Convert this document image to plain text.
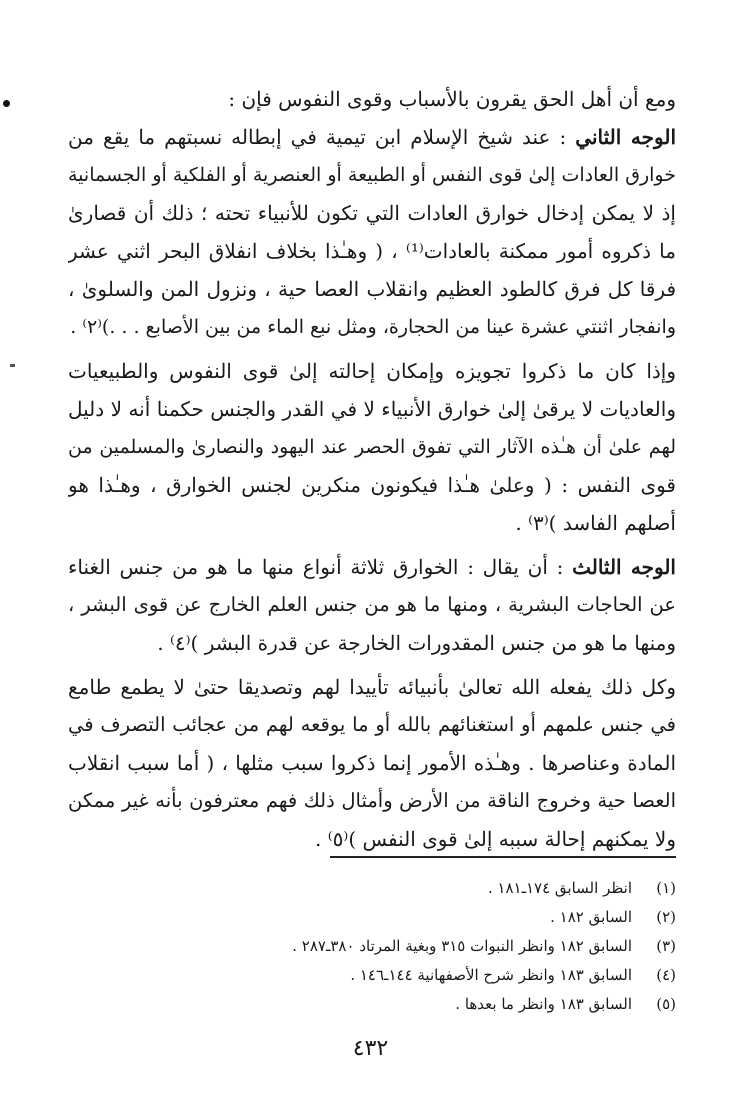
ومع أن أهل الحق يقرون بالأسباب وقوى النفوس فإن :
الوجه الثاني : عند شيخ الإسلام ابن تيمية في إبطاله نسبتهم ما يقع من
خوارق العادات إلىٰ قوى النفس أو الطبيعة أو العنصرية أو الفلكية أو الجسمانية
إذ لا يمكن إدخال خوارق العادات التي تكون للأنبياء تحته ؛ ذلك أن قصارىٰ
ما ذكروه أمور ممكنة بالعادات⁽¹⁾ ، ( وهـٰذا بخلاف انفلاق البحر اثني عشر
فرقا كل فرق كالطود العظيم وانقلاب العصا حية ، ونزول المن والسلوىٰ ،
وانفجار اثنتي عشرة عينا من الحجارة، ومثل نبع الماء من بين الأصابع . . .)⁽٢⁾ .
وإذا كان ما ذكروا تجويزه وإمكان إحالته إلىٰ قوى النفوس والطبيعيات
والعاديات لا يرقىٰ إلىٰ خوارق الأنبياء لا في القدر والجنس حكمنا أنه لا دليل
لهم علىٰ أن هـٰذه الآثار التي تفوق الحصر عند اليهود والنصارىٰ والمسلمين من
قوى النفس : ( وعلىٰ هـٰذا فيكونون منكرين لجنس الخوارق ، وهـٰذا هو
أصلهم الفاسد )⁽٣⁾ .
الوجه الثالث : أن يقال : الخوارق ثلاثة أنواع منها ما هو من جنس الغناء
عن الحاجات البشرية ، ومنها ما هو من جنس العلم الخارج عن قوى البشر ،
ومنها ما هو من جنس المقدورات الخارجة عن قدرة البشر )⁽٤⁾ .
وكل ذلك يفعله الله تعالىٰ بأنبيائه تأييدا لهم وتصديقا حتىٰ لا يطمع طامع
في جنس علمهم أو استغنائهم بالله أو ما يوقعه لهم من عجائب التصرف في
المادة وعناصرها . وهـٰذه الأمور إنما ذكروا سبب مثلها ، ( أما سبب انقلاب
العصا حية وخروج الناقة من الأرض وأمثال ذلك فهم معترفون بأنه غير ممكن
ولا يمكنهم إحالة سببه إلىٰ قوى النفس )⁽٥⁾ .
(١)
انظر السابق ١٧٤ـ١٨١ .
(٢)
السابق ١٨٢ .
(٣)
السابق ١٨٢ وانظر النبوات ٣١٥ وبغية المرتاد ٣٨٠ـ٢٨٧ .
(٤)
السابق ١٨٣ وانظر شرح الأصفهانية ١٤٤ـ١٤٦ .
(٥)
السابق ١٨٣ وانظر ما بعدها .
٤٣٢
